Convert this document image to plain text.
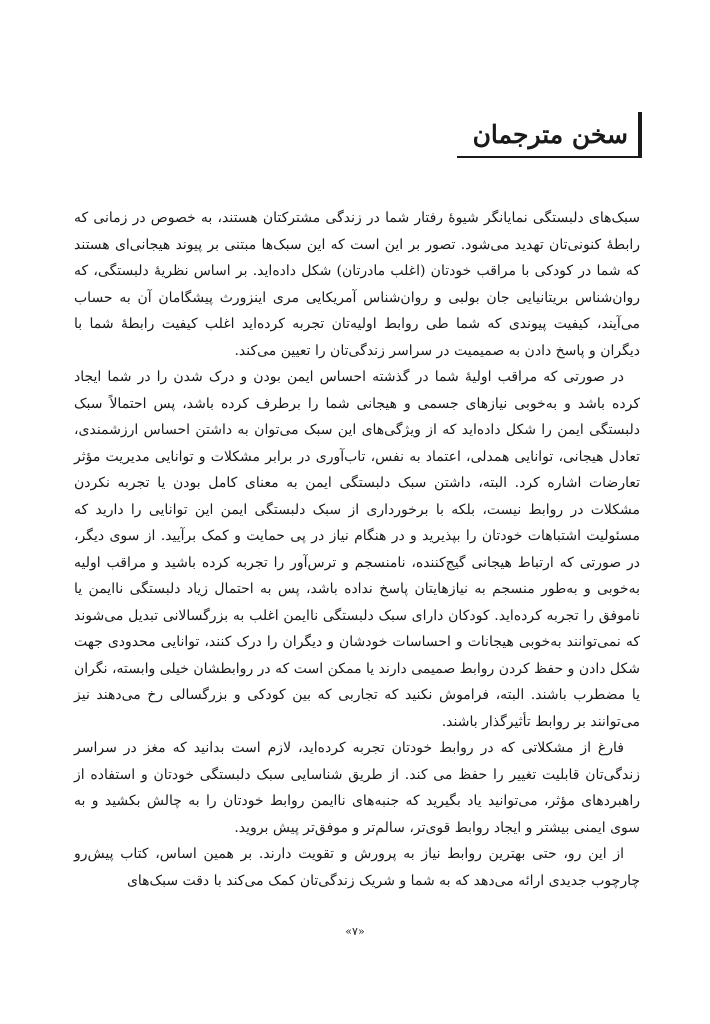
سخن مترجمان

سبک‌های دلبستگی نمایانگر شیوهٔ رفتار شما در زندگی مشترکتان هستند، به خصوص در زمانی که رابطهٔ کنونی‌تان تهدید می‌شود. تصور بر این است که این سبک‌ها مبتنی بر پیوند هیجانی‌ای هستند که شما در کودکی با مراقب خودتان (اغلب مادرتان) شکل داده‌اید. بر اساس نظریهٔ دلبستگی، که روان‌شناس بریتانیایی جان بولبی و روان‌شناس آمریکایی مری اینزورث پیشگامان آن به حساب می‌آیند، کیفیت پیوندی که شما طی روابط اولیه‌تان تجربه کرده‌اید اغلب کیفیت رابطهٔ شما با دیگران و پاسخ دادن به صمیمیت در سراسر زندگی‌تان را تعیین می‌کند.

در صورتی که مراقب اولیهٔ شما در گذشته احساس ایمن بودن و درک شدن را در شما ایجاد کرده باشد و به‌خوبی نیازهای جسمی و هیجانی شما را برطرف کرده باشد، پس احتمالاً سبک دلبستگی ایمن را شکل داده‌اید که از ویژگی‌های این سبک می‌توان به داشتن احساس ارزشمندی، تعادل هیجانی، توانایی همدلی، اعتماد به نفس، تاب‌آوری در برابر مشکلات و توانایی مدیریت مؤثر تعارضات اشاره کرد. البته، داشتن سبک دلبستگی ایمن به معنای کامل بودن یا تجربه نکردن مشکلات در روابط نیست، بلکه با برخورداری از سبک دلبستگی ایمن این توانایی را دارید که مسئولیت اشتباهات خودتان را بپذیرید و در هنگام نیاز در پی حمایت و کمک برآیید. از سوی دیگر، در صورتی که ارتباط هیجانی گیج‌کننده، نامنسجم و ترس‌آور را تجربه کرده باشید و مراقب اولیه به‌خوبی و به‌طور منسجم به نیازهایتان پاسخ نداده باشد، پس به احتمال زیاد دلبستگی ناایمن یا ناموفق را تجربه کرده‌اید. کودکان دارای سبک دلبستگی ناایمن اغلب به بزرگسالانی تبدیل می‌شوند که نمی‌توانند به‌خوبی هیجانات و احساسات خودشان و دیگران را درک کنند، توانایی محدودی جهت شکل دادن و حفظ کردن روابط صمیمی دارند یا ممکن است که در روابطشان خیلی وابسته، نگران یا مضطرب باشند. البته، فراموش نکنید که تجاربی که بین کودکی و بزرگسالی رخ می‌دهند نیز می‌توانند بر روابط تأثیرگذار باشند.

فارغ از مشکلاتی که در روابط خودتان تجربه کرده‌اید، لازم است بدانید که مغز در سراسر زندگی‌تان قابلیت تغییر را حفظ می کند. از طریق شناسایی سبک دلبستگی خودتان و استفاده از راهبردهای مؤثر، می‌توانید یاد بگیرید که جنبه‌های ناایمن روابط خودتان را به چالش بکشید و به سوی ایمنی بیشتر و ایجاد روابط قوی‌تر، سالم‌تر و موفق‌تر پیش بروید.

از این رو، حتی بهترین روابط نیاز به پرورش و تقویت دارند. بر همین اساس، کتاب پیش‌رو چارچوب جدیدی ارائه می‌دهد که به شما و شریک زندگی‌تان کمک می‌کند با دقت سبک‌های

«۷»
